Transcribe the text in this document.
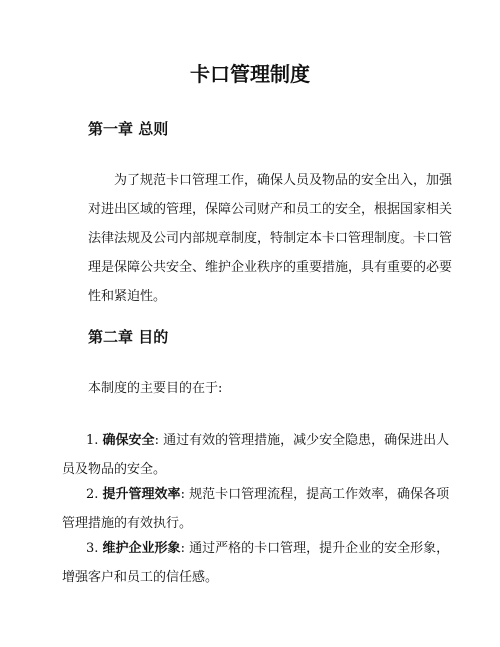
卡口管理制度
第一章 总则

为了规范卡口管理工作，确保人员及物品的安全出入，加强对进出区域的管理，保障公司财产和员工的安全，根据国家相关法律法规及公司内部规章制度，特制定本卡口管理制度。卡口管理是保障公共安全、维护企业秩序的重要措施，具有重要的必要性和紧迫性。

第二章 目的

本制度的主要目的在于:

1. 确保安全: 通过有效的管理措施，减少安全隐患，确保进出人员及物品的安全。

2. 提升管理效率: 规范卡口管理流程，提高工作效率，确保各项管理措施的有效执行。

3. 维护企业形象: 通过严格的卡口管理，提升企业的安全形象，增强客户和员工的信任感。
